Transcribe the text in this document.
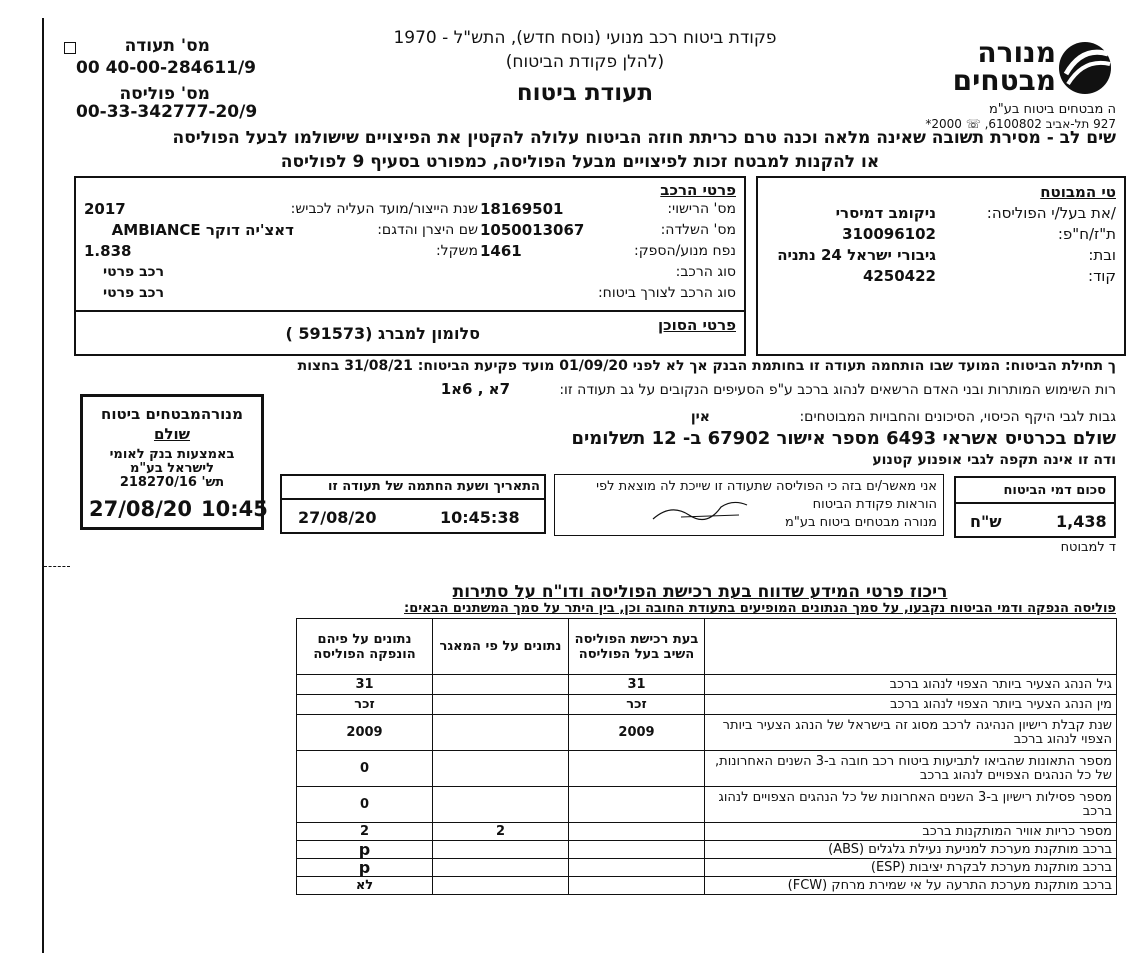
מס' תעודה
00 40-00-284611/9
מס' פוליסה
00-33-342777-20/9
פקודת ביטוח רכב מנועי (נוסח חדש), התש"ל - 1970
(להלן פקודת הביטוח)
תעודת ביטוח
מנורה
מבטחים
ה מבטחים ביטוח בע"מ
927 תל-אביב 6100802, ☏ 2000*
שים לב - מסירת תשובה שאינה מלאה וכנה טרם כריתת חוזה הביטוח עלולה להקטין את הפיצויים שישולמו לבעל הפוליסה
או להקנות למבטח זכות לפיצויים מבעל הפוליסה, כמפורט בסעיף 9 לפוליסה
טי המבוטח
/את בעל/י הפוליסה:
ניקומב דמיסרי
ת"ז/ח"פ:
310096102
ובת:
גיבורי ישראל 24 נתניה
קוד:
4250422
פרטי הרכב
מס' הרישוי:
18169501
שנת הייצור/מועד העליה לכביש:
2017
מס' השלדה:
1050013067
שם היצרן והדגם:
AMBIANCE דאצ'יה דוקר
נפח מנוע/הספק:
1461
משקל:
1.838
סוג הרכב:
רכב פרטי
סוג הרכב לצורך ביטוח:
רכב פרטי
פרטי הסוכן
סלומון למברג (591573 )
ך תחילת הביטוח: המועד שבו הותחמה תעודה זו בחותמת הבנק אך לא לפני 01/09/20 מועד פקיעת הביטוח: 31/08/21 בחצות
רות השימוש המותרות ובני האדם הרשאים לנהוג ברכב ע"פ הסעיפים הנקובים על גב תעודה זו:
7א , 6א1
גבות לגבי היקף הכיסוי, הסיכונים והחבויות המבוטחים:
אין
שולם בכרטיס אשראי 6493 מספר אישור 67902 ב- 12 תשלומים
ודה זו אינה תקפה לגבי אופנוע קטנוע
מנורהמבטחים ביטוח
שולם
באמצעות בנק לאומי
לישראל בע"מ
תש' 218270/16
27/08/20 10:45
התאריך ושעת החתמה של תעודה זו
27/08/20	10:45:38
אני מאשר/ים בזה כי הפוליסה שתעודה זו שייכת לה מוצאת לפי
הוראות פקודת הביטוח
מנורה מבטחים ביטוח בע"מ
סכום דמי הביטוח
1,438
ש"ח
ד למבוטח
ריכוז פרטי המידע שדווח בעת רכישת הפוליסה ודו"ח על סתירות
פוליסה הנפקה ודמי הביטוח נקבעו, על סמך הנתונים המופיעים בתעודת החובה וכן, בין היתר על סמך המשתנים הבאים:
נתונים על פיהם הונפקה הפוליסה	נתונים על פי המאגר	בעת רכישת הפוליסה השיב בעל הפוליסה	
31		31	גיל הנהג הצעיר ביותר הצפוי לנהוג ברכב
זכר		זכר	מין הנהג הצעיר ביותר הצפוי לנהוג ברכב
2009		2009	שנת קבלת רישיון הנהיגה לרכב מסוג זה בישראל של הנהג הצעיר ביותר הצפוי לנהוג ברכב
0			מספר התאונות שהביאו לתביעות ביטוח רכב חובה ב-3 השנים האחרונות, של כל הנהגים הצפויים לנהוג ברכב
0			מספר פסילות רישיון ב-3 השנים האחרונות של כל הנהגים הצפויים לנהוג ברכב
2	2		מספר כריות אוויר המותקנות ברכב
p			ברכב מותקנת מערכת למניעת נעילת גלגלים (ABS)
p			ברכב מותקנת מערכת לבקרת יציבות (ESP)
לא			ברכב מותקנת מערכת התרעה על אי שמירת מרחק (FCW)
